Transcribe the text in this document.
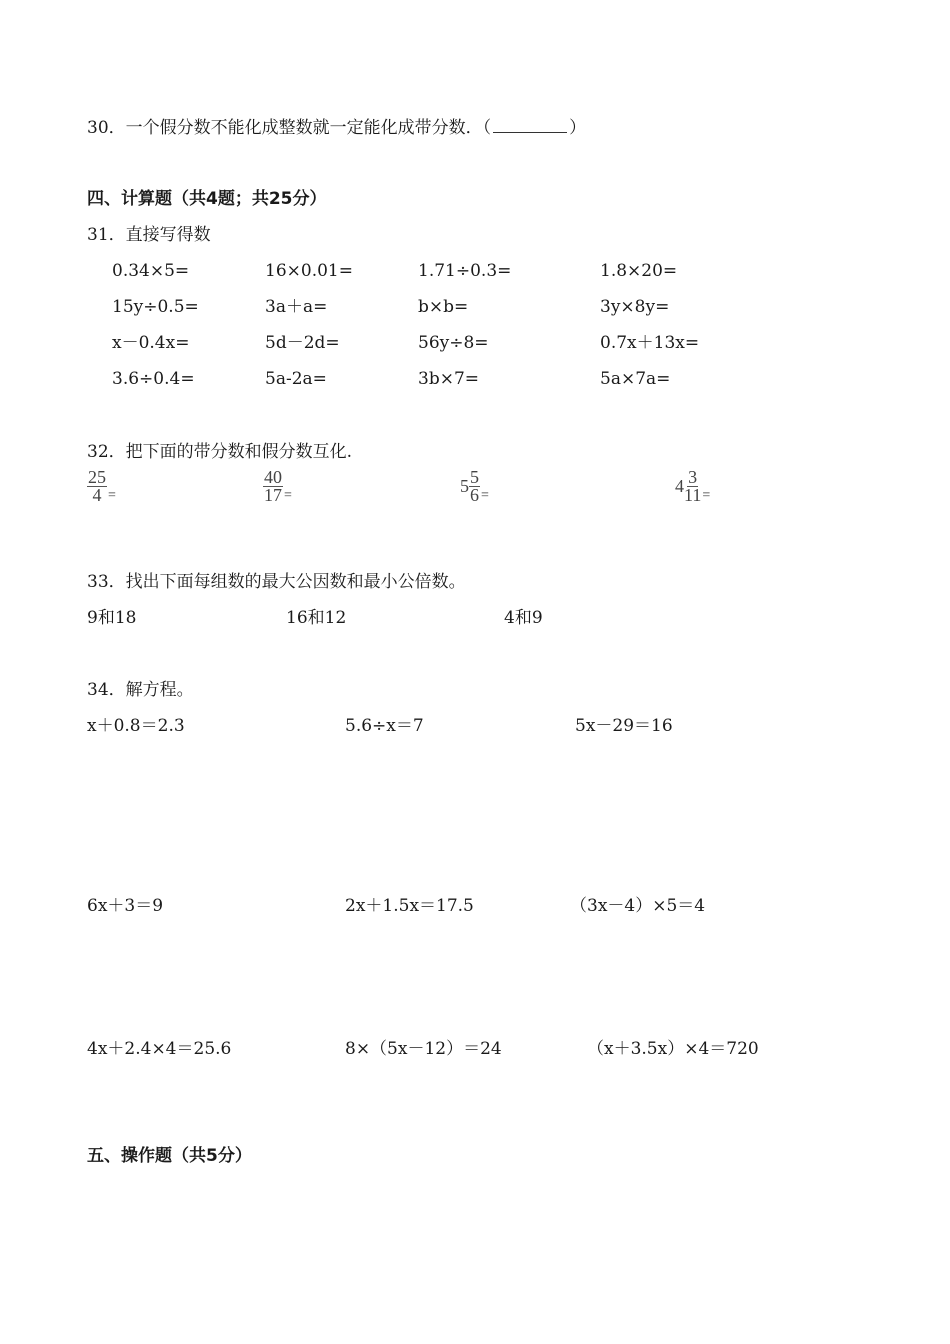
30．一个假分数不能化成整数就一定能化成带分数．（	）
四、计算题（共4题；共25分）
31．直接写得数
0.34×5=	16×0.01=	1.71÷0.3=	1.8×20=
15y÷0.5=	3a＋a=	b×b=	3y×8y=
x－0.4x=	5d－2d=	56y÷8=	0.7x＋13x=
3.6÷0.4=	5a-2a=	3b×7=	5a×7a=
32．把下面的带分数和假分数互化.
$\frac{25}{4}$ =	$\frac{40}{17}$ =	$5 \frac{5}{6}$ =	$4 \frac{3}{11}$ =
33．找出下面每组数的最大公因数和最小公倍数。
9和18	16和12	4和9
34．解方程。
x＋0.8＝2.3	5.6÷x＝7	5x－29＝16
6x＋3＝9	2x＋1.5x＝17.5	（3x－4）×5＝4
4x＋2.4×4＝25.6	8×（5x－12）＝24	（x＋3.5x）×4＝720
五、操作题（共5分）
